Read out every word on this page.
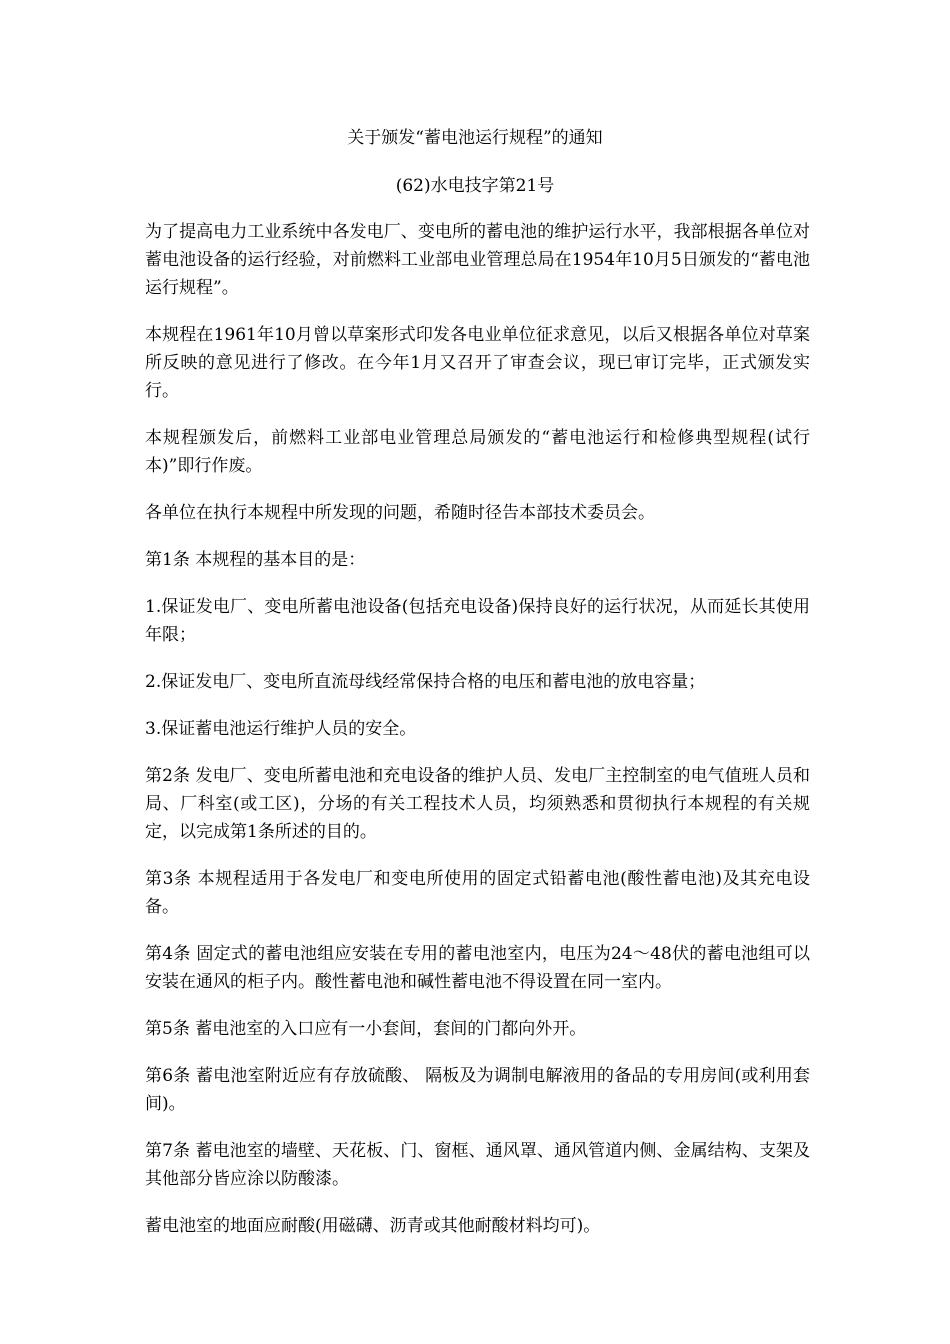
关于颁发“蓄电池运行规程”的通知

(62)水电技字第21号

为了提高电力工业系统中各发电厂、变电所的蓄电池的维护运行水平，我部根据各单位对蓄电池设备的运行经验，对前燃料工业部电业管理总局在1954年10月5日颁发的“蓄电池运行规程”。

本规程在1961年10月曾以草案形式印发各电业单位征求意见，以后又根据各单位对草案所反映的意见进行了修改。在今年1月又召开了审查会议，现已审订完毕，正式颁发实行。

本规程颁发后，前燃料工业部电业管理总局颁发的“蓄电池运行和检修典型规程(试行本)”即行作废。

各单位在执行本规程中所发现的问题，希随时径告本部技术委员会。

第1条 本规程的基本目的是：

1.保证发电厂、变电所蓄电池设备(包括充电设备)保持良好的运行状况，从而延长其使用年限；

2.保证发电厂、变电所直流母线经常保持合格的电压和蓄电池的放电容量；

3.保证蓄电池运行维护人员的安全。

第2条 发电厂、变电所蓄电池和充电设备的维护人员、发电厂主控制室的电气值班人员和局、厂科室(或工区)，分场的有关工程技术人员，均须熟悉和贯彻执行本规程的有关规定，以完成第1条所述的目的。

第3条 本规程适用于各发电厂和变电所使用的固定式铅蓄电池(酸性蓄电池)及其充电设备。

第4条 固定式的蓄电池组应安装在专用的蓄电池室内，电压为24～48伏的蓄电池组可以安装在通风的柜子内。酸性蓄电池和碱性蓄电池不得设置在同一室内。

第5条 蓄电池室的入口应有一小套间，套间的门都向外开。

第6条 蓄电池室附近应有存放硫酸、 隔板及为调制电解液用的备品的专用房间(或利用套间)。

第7条 蓄电池室的墙壁、天花板、门、窗框、通风罩、通风管道内侧、金属结构、支架及其他部分皆应涂以防酸漆。

蓄电池室的地面应耐酸(用磁礴、沥青或其他耐酸材料均可)。
